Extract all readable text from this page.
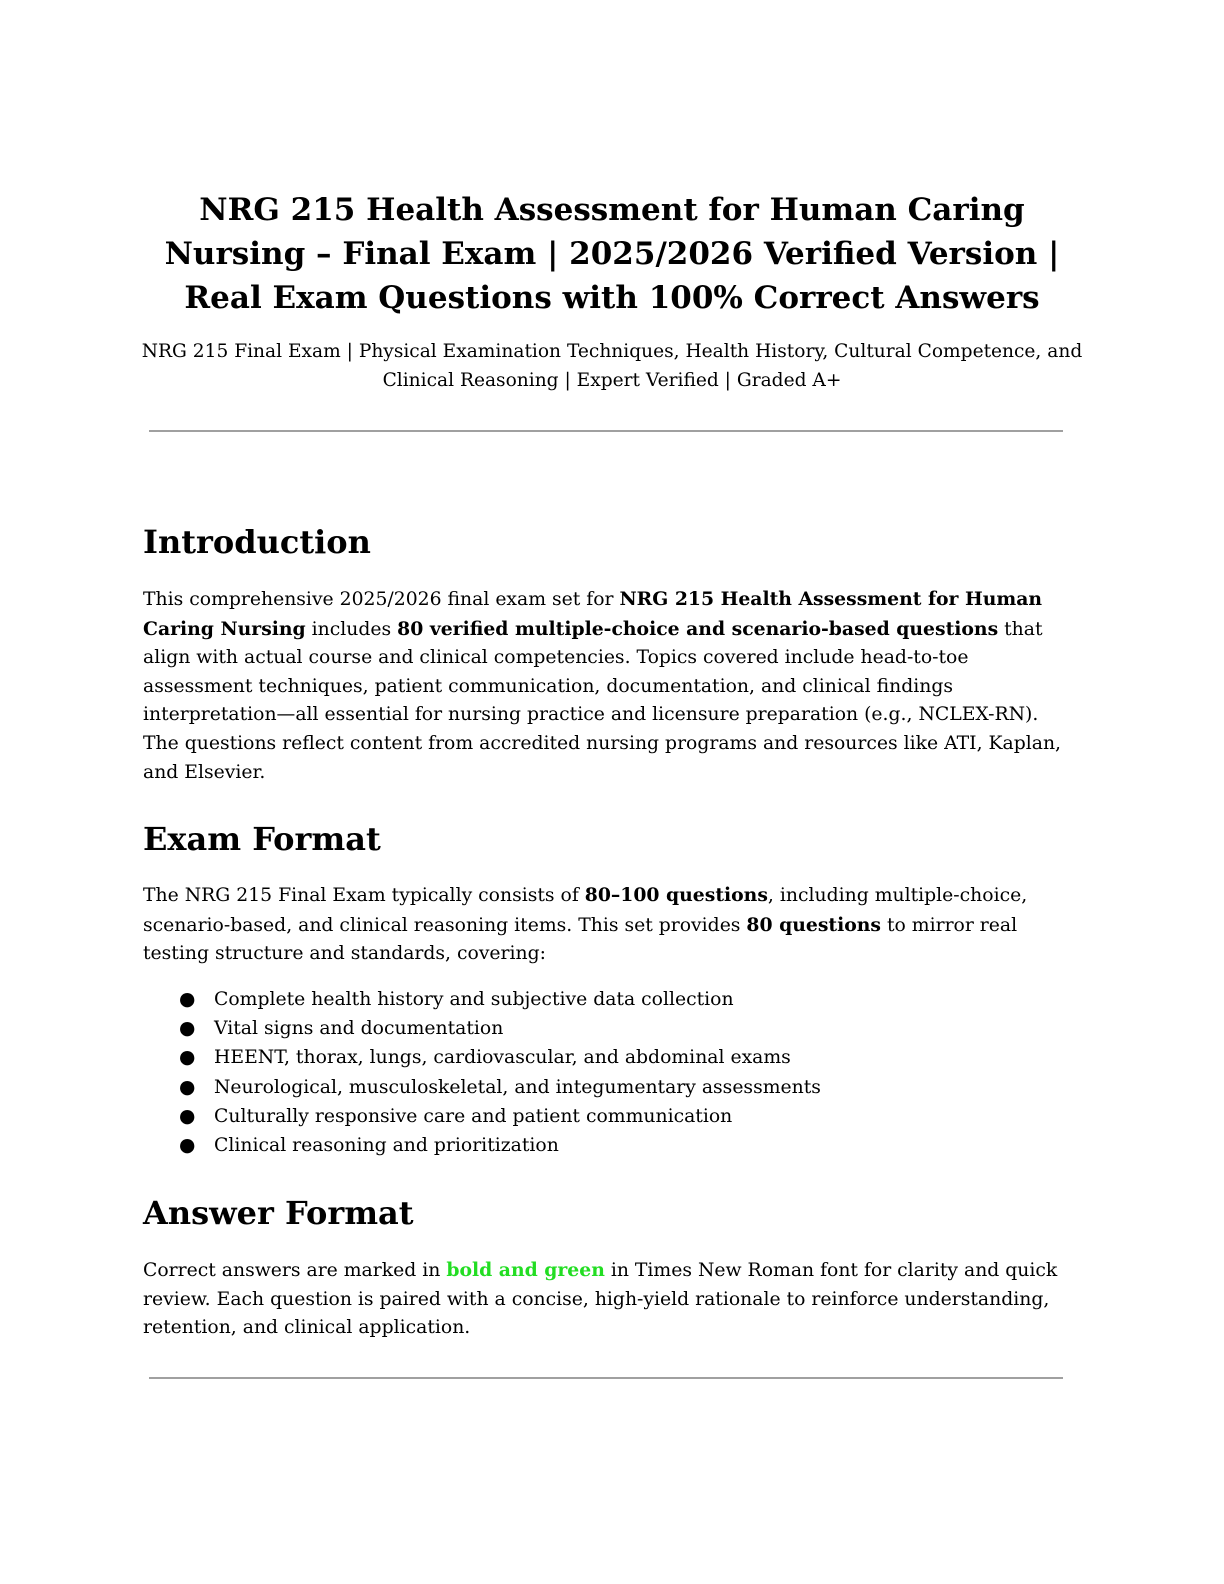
NRG 215 Health Assessment for Human Caring Nursing – Final Exam | 2025/2026 Verified Version | Real Exam Questions with 100% Correct Answers

NRG 215 Final Exam | Physical Examination Techniques, Health History, Cultural Competence, and Clinical Reasoning | Expert Verified | Graded A+

Introduction

This comprehensive 2025/2026 final exam set for NRG 215 Health Assessment for Human Caring Nursing includes 80 verified multiple-choice and scenario-based questions that align with actual course and clinical competencies. Topics covered include head-to-toe assessment techniques, patient communication, documentation, and clinical findings interpretation—all essential for nursing practice and licensure preparation (e.g., NCLEX-RN). The questions reflect content from accredited nursing programs and resources like ATI, Kaplan, and Elsevier.

Exam Format

The NRG 215 Final Exam typically consists of 80–100 questions, including multiple-choice, scenario-based, and clinical reasoning items. This set provides 80 questions to mirror real testing structure and standards, covering:

● Complete health history and subjective data collection
● Vital signs and documentation
● HEENT, thorax, lungs, cardiovascular, and abdominal exams
● Neurological, musculoskeletal, and integumentary assessments
● Culturally responsive care and patient communication
● Clinical reasoning and prioritization
Answer Format

Correct answers are marked in bold and green in Times New Roman font for clarity and quick review. Each question is paired with a concise, high-yield rationale to reinforce understanding, retention, and clinical application.
